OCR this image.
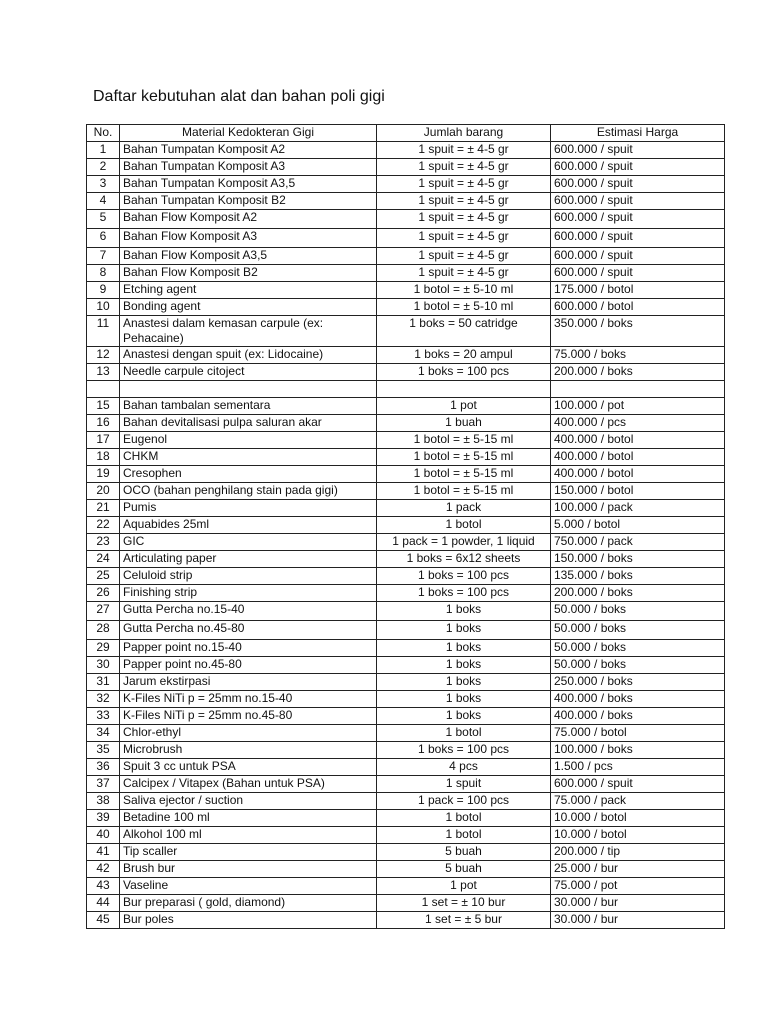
Daftar kebutuhan alat dan bahan poli gigi
No.	Material Kedokteran Gigi	Jumlah barang	Estimasi Harga
1	Bahan Tumpatan Komposit A2	1 spuit = ± 4-5 gr	600.000 / spuit
2	Bahan Tumpatan Komposit A3	1 spuit = ± 4-5 gr	600.000 / spuit
3	Bahan Tumpatan Komposit A3,5	1 spuit = ± 4-5 gr	600.000 / spuit
4	Bahan Tumpatan Komposit B2	1 spuit = ± 4-5 gr	600.000 / spuit
5	Bahan Flow Komposit A2	1 spuit = ± 4-5 gr	600.000 / spuit
6	Bahan Flow Komposit A3	1 spuit = ± 4-5 gr	600.000 / spuit
7	Bahan Flow Komposit A3,5	1 spuit = ± 4-5 gr	600.000 / spuit
8	Bahan Flow Komposit B2	1 spuit = ± 4-5 gr	600.000 / spuit
9	Etching agent	1 botol = ± 5-10 ml	175.000 / botol
10	Bonding agent	1 botol = ± 5-10 ml	600.000 / botol
11	Anastesi dalam kemasan carpule (ex: Pehacaine)	1 boks = 50 catridge	350.000 / boks
12	Anastesi dengan spuit (ex: Lidocaine)	1 boks = 20 ampul	75.000 / boks
13	Needle carpule citoject	1 boks = 100 pcs	200.000 / boks

15	Bahan tambalan sementara	1 pot	100.000 / pot
16	Bahan devitalisasi pulpa saluran akar	1 buah	400.000 / pcs
17	Eugenol	1 botol = ± 5-15 ml	400.000 / botol
18	CHKM	1 botol = ± 5-15 ml	400.000 / botol
19	Cresophen	1 botol = ± 5-15 ml	400.000 / botol
20	OCO (bahan penghilang stain pada gigi)	1 botol = ± 5-15 ml	150.000 / botol
21	Pumis	1 pack	100.000 / pack
22	Aquabides 25ml	1 botol	5.000 / botol
23	GIC	1 pack = 1 powder, 1 liquid	750.000 / pack
24	Articulating paper	1 boks = 6x12 sheets	150.000 / boks
25	Celuloid strip	1 boks = 100 pcs	135.000 / boks
26	Finishing strip	1 boks = 100 pcs	200.000 / boks
27	Gutta Percha no.15-40	1 boks	50.000 / boks
28	Gutta Percha no.45-80	1 boks	50.000 / boks
29	Papper point no.15-40	1 boks	50.000 / boks
30	Papper point no.45-80	1 boks	50.000 / boks
31	Jarum ekstirpasi	1 boks	250.000 / boks
32	K-Files NiTi p = 25mm no.15-40	1 boks	400.000 / boks
33	K-Files NiTi p = 25mm no.45-80	1 boks	400.000 / boks
34	Chlor-ethyl	1 botol	75.000 / botol
35	Microbrush	1 boks = 100 pcs	100.000 / boks
36	Spuit 3 cc untuk PSA	4 pcs	1.500 / pcs
37	Calcipex / Vitapex (Bahan untuk PSA)	1 spuit	600.000 / spuit
38	Saliva ejector / suction	1 pack = 100 pcs	75.000 / pack
39	Betadine 100 ml	1 botol	10.000 / botol
40	Alkohol 100 ml	1 botol	10.000 / botol
41	Tip scaller	5 buah	200.000 / tip
42	Brush bur	5 buah	25.000 / bur
43	Vaseline	1 pot	75.000 / pot
44	Bur preparasi ( gold, diamond)	1 set = ± 10 bur	30.000 / bur
45	Bur poles	1 set = ± 5 bur	30.000 / bur
